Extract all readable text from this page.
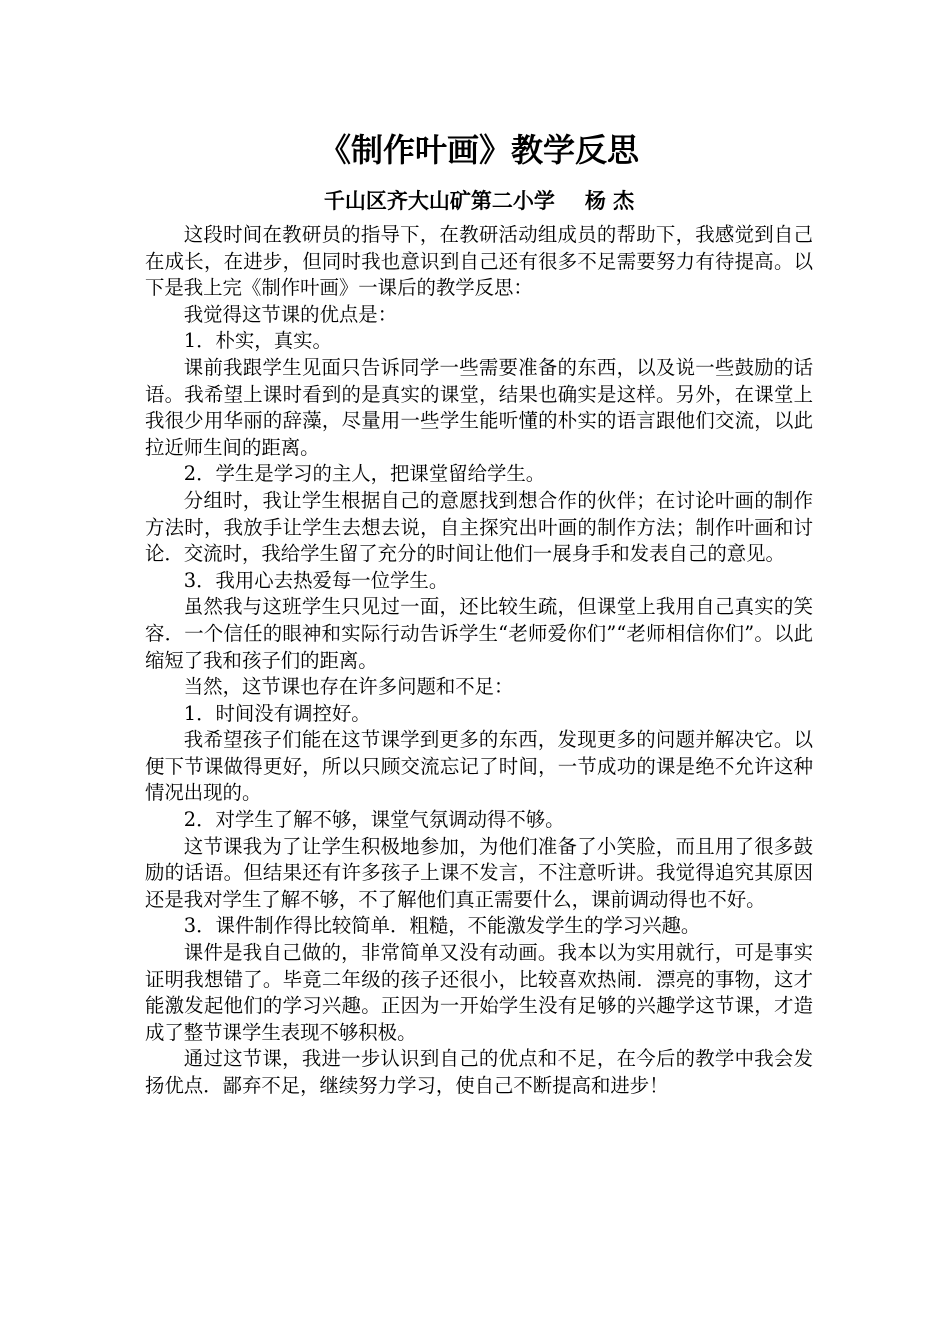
《制作叶画》教学反思
千山区齐大山矿第二小学 杨 杰

这段时间在教研员的指导下，在教研活动组成员的帮助下，我感觉到自己在成长，在进步，但同时我也意识到自己还有很多不足需要努力有待提高。以下是我上完《制作叶画》一课后的教学反思：

我觉得这节课的优点是：

1．朴实，真实。

课前我跟学生见面只告诉同学一些需要准备的东西，以及说一些鼓励的话语。我希望上课时看到的是真实的课堂，结果也确实是这样。另外，在课堂上我很少用华丽的辞藻，尽量用一些学生能听懂的朴实的语言跟他们交流，以此拉近师生间的距离。

2．学生是学习的主人，把课堂留给学生。

分组时，我让学生根据自己的意愿找到想合作的伙伴；在讨论叶画的制作方法时，我放手让学生去想去说，自主探究出叶画的制作方法；制作叶画和讨论．交流时，我给学生留了充分的时间让他们一展身手和发表自己的意见。

3．我用心去热爱每一位学生。

虽然我与这班学生只见过一面，还比较生疏，但课堂上我用自己真实的笑容．一个信任的眼神和实际行动告诉学生“老师爱你们”“老师相信你们”。以此缩短了我和孩子们的距离。

当然，这节课也存在许多问题和不足：

1．时间没有调控好。

我希望孩子们能在这节课学到更多的东西，发现更多的问题并解决它。以便下节课做得更好，所以只顾交流忘记了时间，一节成功的课是绝不允许这种情况出现的。

2．对学生了解不够，课堂气氛调动得不够。

这节课我为了让学生积极地参加，为他们准备了小笑脸，而且用了很多鼓励的话语。但结果还有许多孩子上课不发言，不注意听讲。我觉得追究其原因还是我对学生了解不够，不了解他们真正需要什么，课前调动得也不好。

3．课件制作得比较简单．粗糙，不能激发学生的学习兴趣。

课件是我自己做的，非常简单又没有动画。我本以为实用就行，可是事实证明我想错了。毕竟二年级的孩子还很小，比较喜欢热闹．漂亮的事物，这才能激发起他们的学习兴趣。正因为一开始学生没有足够的兴趣学这节课，才造成了整节课学生表现不够积极。

通过这节课，我进一步认识到自己的优点和不足，在今后的教学中我会发扬优点．鄙弃不足，继续努力学习，使自己不断提高和进步！
